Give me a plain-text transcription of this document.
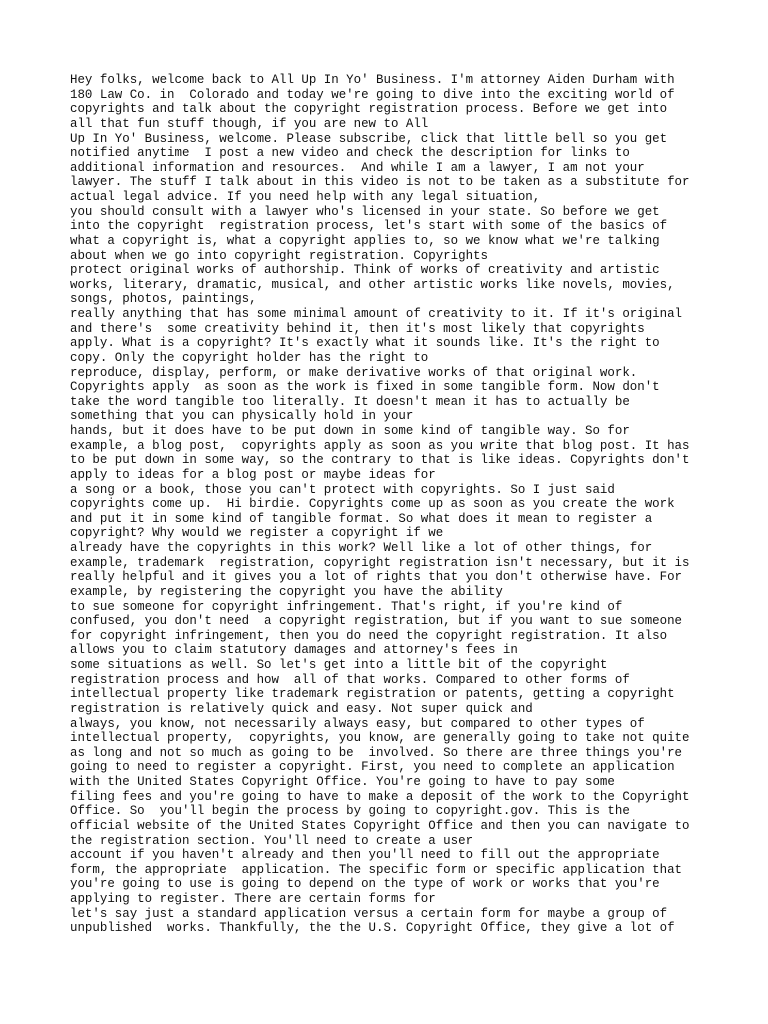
Hey folks, welcome back to All Up In Yo' Business. I'm attorney Aiden Durham with
180 Law Co. in  Colorado and today we're going to dive into the exciting world of
copyrights and talk about the copyright registration process. Before we get into
all that fun stuff though, if you are new to All
Up In Yo' Business, welcome. Please subscribe, click that little bell so you get
notified anytime  I post a new video and check the description for links to
additional information and resources.  And while I am a lawyer, I am not your
lawyer. The stuff I talk about in this video is not to be taken as a substitute for
actual legal advice. If you need help with any legal situation,
you should consult with a lawyer who's licensed in your state. So before we get
into the copyright  registration process, let's start with some of the basics of
what a copyright is, what a copyright applies to, so we know what we're talking
about when we go into copyright registration. Copyrights
protect original works of authorship. Think of works of creativity and artistic
works, literary, dramatic, musical, and other artistic works like novels, movies,
songs, photos, paintings,
really anything that has some minimal amount of creativity to it. If it's original
and there's  some creativity behind it, then it's most likely that copyrights
apply. What is a copyright? It's exactly what it sounds like. It's the right to
copy. Only the copyright holder has the right to
reproduce, display, perform, or make derivative works of that original work.
Copyrights apply  as soon as the work is fixed in some tangible form. Now don't
take the word tangible too literally. It doesn't mean it has to actually be
something that you can physically hold in your
hands, but it does have to be put down in some kind of tangible way. So for
example, a blog post,  copyrights apply as soon as you write that blog post. It has
to be put down in some way, so the contrary to that is like ideas. Copyrights don't
apply to ideas for a blog post or maybe ideas for
a song or a book, those you can't protect with copyrights. So I just said
copyrights come up.  Hi birdie. Copyrights come up as soon as you create the work
and put it in some kind of tangible format. So what does it mean to register a
copyright? Why would we register a copyright if we
already have the copyrights in this work? Well like a lot of other things, for
example, trademark  registration, copyright registration isn't necessary, but it is
really helpful and it gives you a lot of rights that you don't otherwise have. For
example, by registering the copyright you have the ability
to sue someone for copyright infringement. That's right, if you're kind of
confused, you don't need  a copyright registration, but if you want to sue someone
for copyright infringement, then you do need the copyright registration. It also
allows you to claim statutory damages and attorney's fees in
some situations as well. So let's get into a little bit of the copyright
registration process and how  all of that works. Compared to other forms of
intellectual property like trademark registration or patents, getting a copyright
registration is relatively quick and easy. Not super quick and
always, you know, not necessarily always easy, but compared to other types of
intellectual property,  copyrights, you know, are generally going to take not quite
as long and not so much as going to be  involved. So there are three things you're
going to need to register a copyright. First, you need to complete an application
with the United States Copyright Office. You're going to have to pay some
filing fees and you're going to have to make a deposit of the work to the Copyright
Office. So  you'll begin the process by going to copyright.gov. This is the
official website of the United States Copyright Office and then you can navigate to
the registration section. You'll need to create a user
account if you haven't already and then you'll need to fill out the appropriate
form, the appropriate  application. The specific form or specific application that
you're going to use is going to depend on the type of work or works that you're
applying to register. There are certain forms for
let's say just a standard application versus a certain form for maybe a group of
unpublished  works. Thankfully, the the U.S. Copyright Office, they give a lot of
